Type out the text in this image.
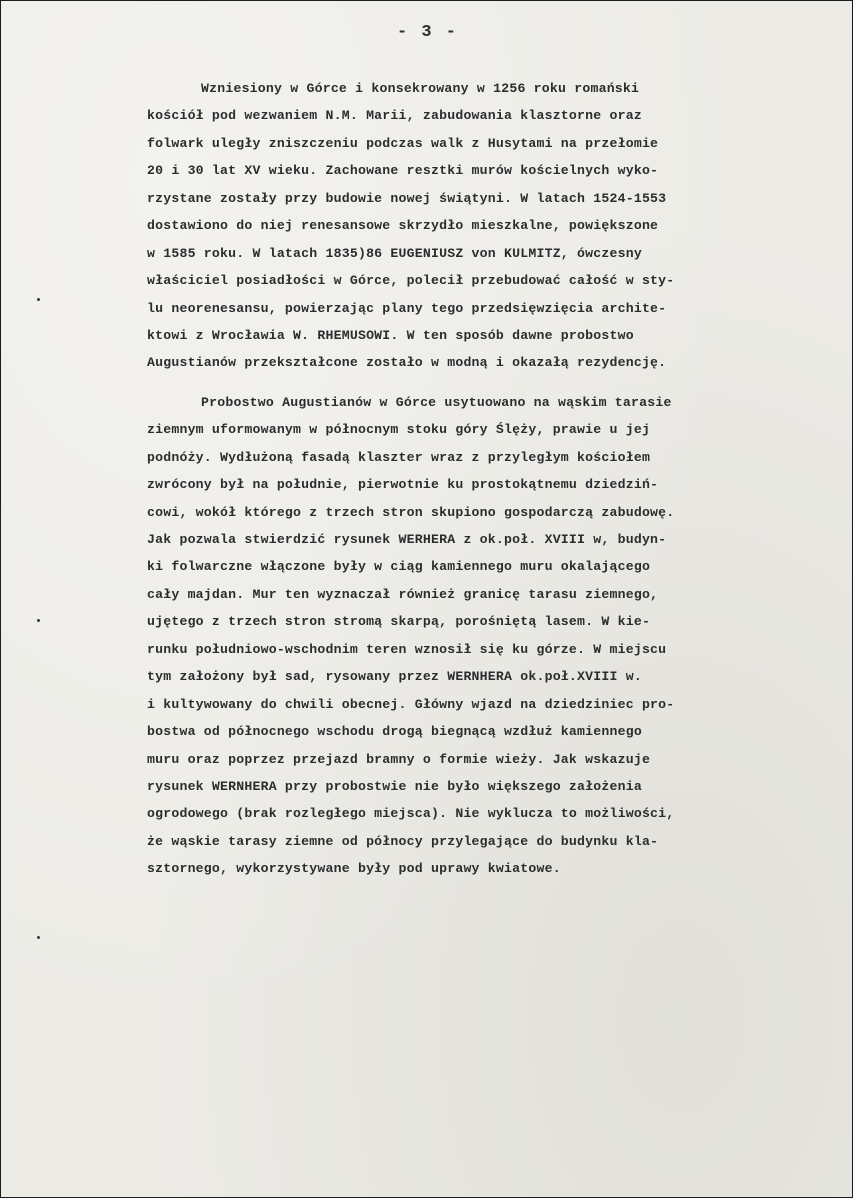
- 3 -
Wzniesiony w Górce i konsekrowany w 1256 roku romański
kościół pod wezwaniem N.M. Marii, zabudowania klasztorne oraz
folwark uległy zniszczeniu podczas walk z Husytami na przełomie
20 i 30 lat XV wieku. Zachowane resztki murów kościelnych wyko-
rzystane zostały przy budowie nowej świątyni. W latach 1524-1553
dostawiono do niej renesansowe skrzydło mieszkalne, powiększone
w 1585 roku. W latach 1835)86 EUGENIUSZ von KULMITZ, ówczesny
właściciel posiadłości w Górce, polecił przebudować całość w sty-
lu neorenesansu, powierzając plany tego przedsięwzięcia archite-
ktowi z Wrocławia W. RHEMUSOWI. W ten sposób dawne probostwo
Augustianów przekształcone zostało w modną i okazałą rezydencję.
Probostwo Augustianów w Górce usytuowano na wąskim tarasie
ziemnym uformowanym w północnym stoku góry Ślęży, prawie u jej
podnóży. Wydłużoną fasadą klaszter wraz z przyległym kościołem
zwrócony był na południe, pierwotnie ku prostokątnemu dziedziń-
cowi, wokół którego z trzech stron skupiono gospodarczą zabudowę.
Jak pozwala stwierdzić rysunek WERHERA z ok.poł. XVIII w, budyn-
ki folwarczne włączone były w ciąg kamiennego muru okalającego
cały majdan. Mur ten wyznaczał również granicę tarasu ziemnego,
ujętego z trzech stron stromą skarpą, porośniętą lasem. W kie-
runku południowo-wschodnim teren wznosił się ku górze. W miejscu
tym założony był sad, rysowany przez WERNHERA ok.poł.XVIII w.
i kultywowany do chwili obecnej. Główny wjazd na dziedziniec pro-
bostwa od północnego wschodu drogą biegnącą wzdłuż kamiennego
muru oraz poprzez przejazd bramny o formie wieży. Jak wskazuje
rysunek WERNHERA przy probostwie nie było większego założenia
ogrodowego (brak rozległego miejsca). Nie wyklucza to możliwości,
że wąskie tarasy ziemne od północy przylegające do budynku kla-
sztornego, wykorzystywane były pod uprawy kwiatowe.
